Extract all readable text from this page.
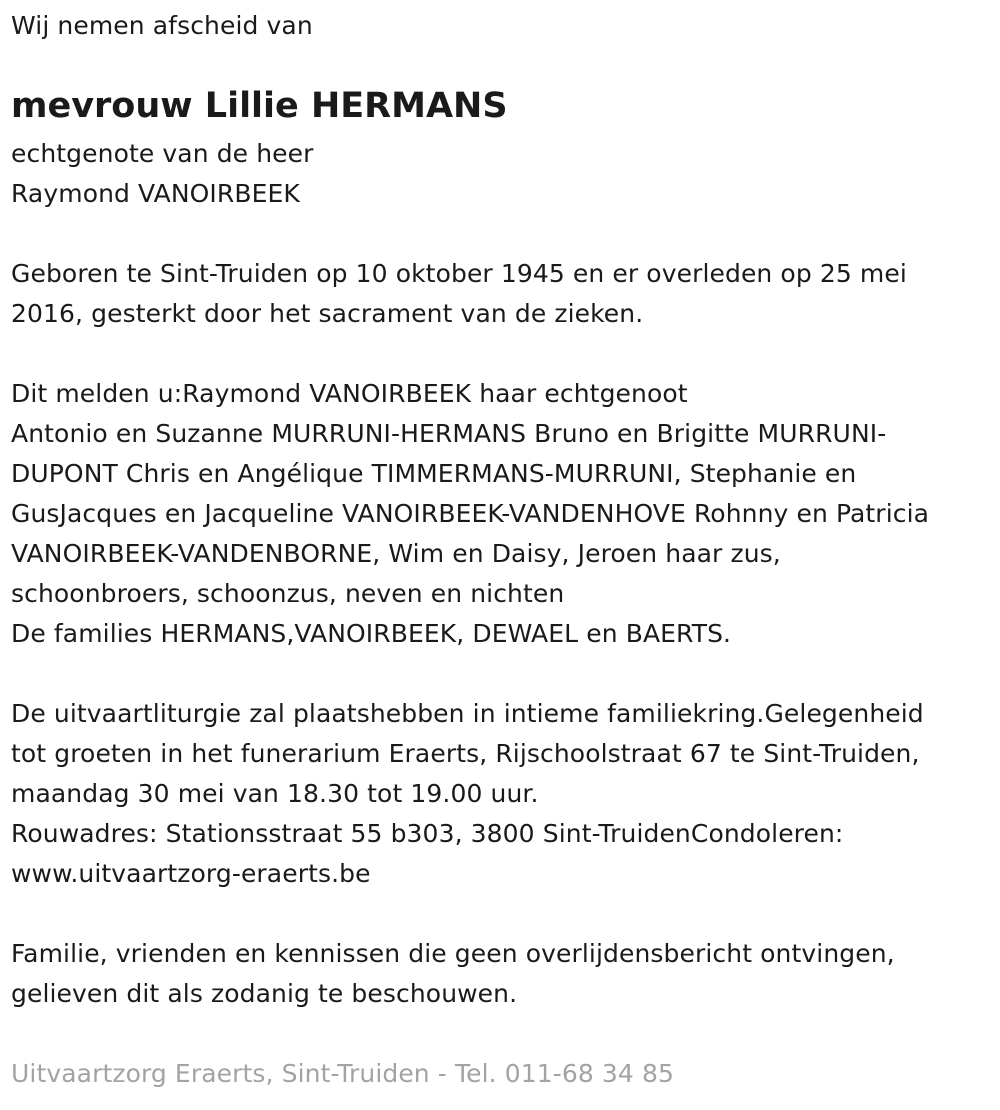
Wij nemen afscheid van
mevrouw Lillie HERMANS
echtgenote van de heer
Raymond VANOIRBEEK
Geboren te Sint-Truiden op 10 oktober 1945 en er overleden op 25 mei
2016, gesterkt door het sacrament van de zieken.
Dit melden u:Raymond VANOIRBEEK haar echtgenoot
Antonio en Suzanne MURRUNI-HERMANS Bruno en Brigitte MURRUNI-
DUPONT Chris en Angélique TIMMERMANS-MURRUNI, Stephanie en
GusJacques en Jacqueline VANOIRBEEK-VANDENHOVE Rohnny en Patricia
VANOIRBEEK-VANDENBORNE, Wim en Daisy, Jeroen haar zus,
schoonbroers, schoonzus, neven en nichten
De families HERMANS,VANOIRBEEK, DEWAEL en BAERTS.
De uitvaartliturgie zal plaatshebben in intieme familiekring.Gelegenheid
tot groeten in het funerarium Eraerts, Rijschoolstraat 67 te Sint-Truiden,
maandag 30 mei van 18.30 tot 19.00 uur.
Rouwadres: Stationsstraat 55 b303, 3800 Sint-TruidenCondoleren:
www.uitvaartzorg-eraerts.be
Familie, vrienden en kennissen die geen overlijdensbericht ontvingen,
gelieven dit als zodanig te beschouwen.
Uitvaartzorg Eraerts, Sint-Truiden - Tel. 011-68 34 85
